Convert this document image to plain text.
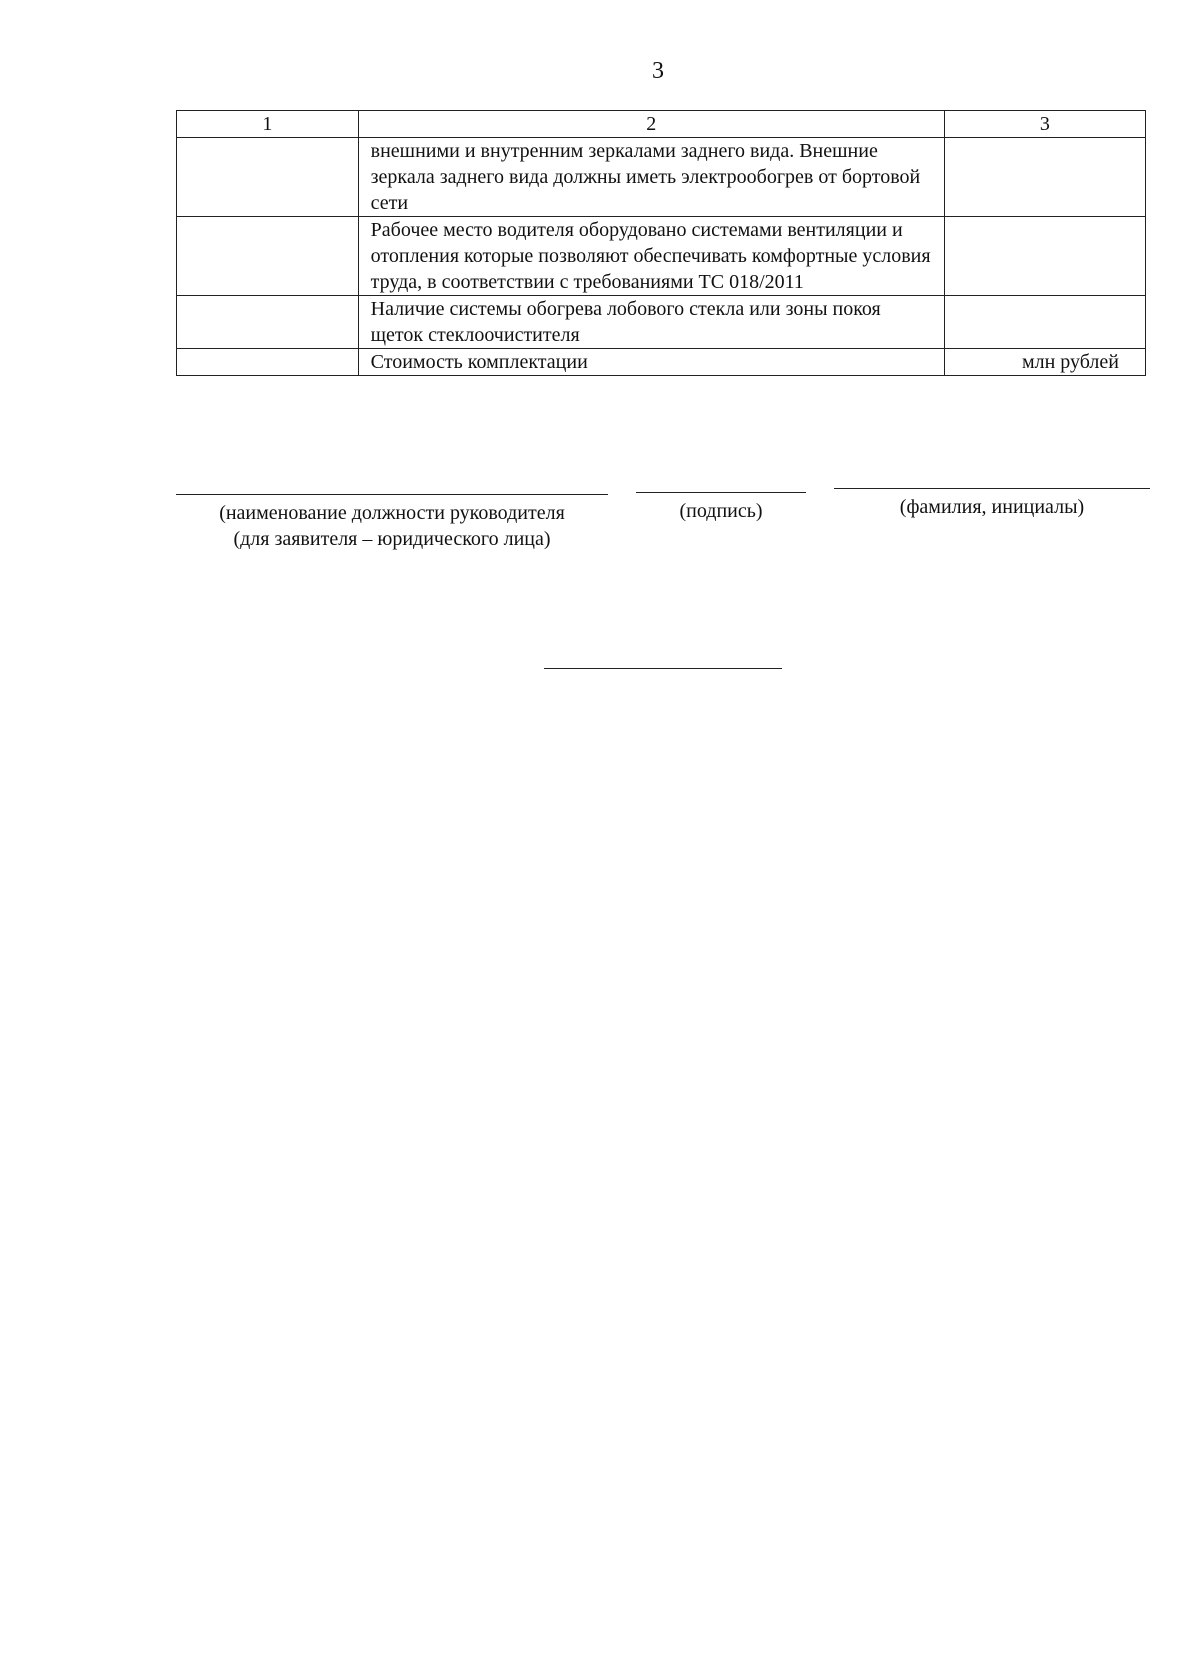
3
1	2	3
	внешними и внутренним зеркалами заднего вида. Внешние зеркала заднего вида должны иметь электрообогрев от бортовой сети	
	Рабочее место водителя оборудовано системами вентиляции и отопления которые позволяют обеспечивать комфортные условия труда, в соответствии с требованиями ТС 018/2011	
	Наличие системы обогрева лобового стекла или зоны покоя щеток стеклоочистителя	
	Стоимость комплектации	млн рублей
(наименование должности руководителя
(для заявителя – юридического лица)
(подпись)	(фамилия, инициалы)
